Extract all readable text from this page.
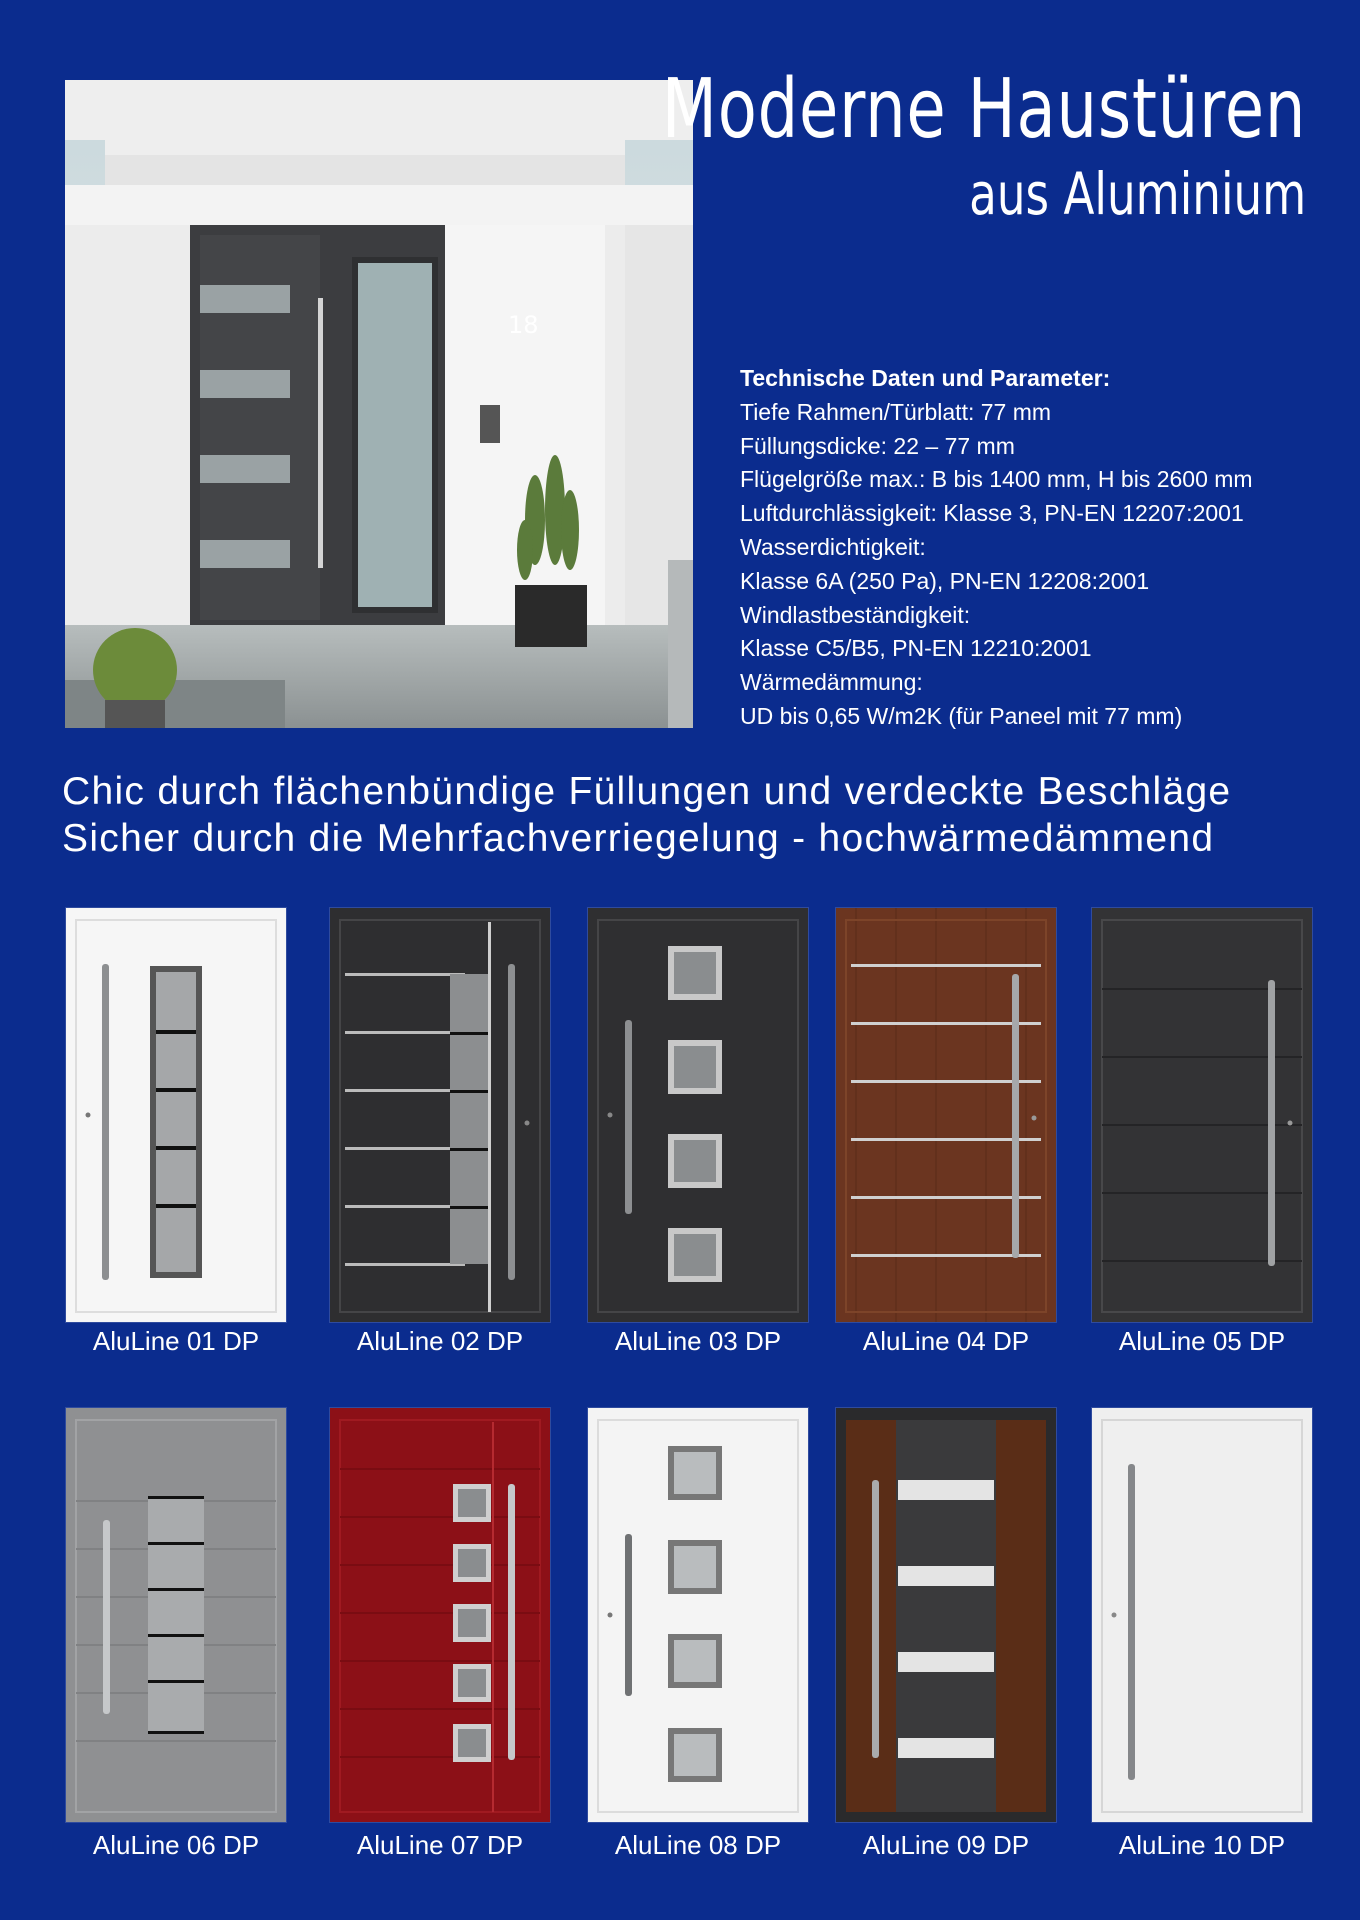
18
Moderne Haustüren
aus Aluminium
Technische Daten und Parameter:
Tiefe Rahmen/Türblatt: 77 mm
Füllungsdicke: 22 – 77 mm
Flügelgröße max.: B bis 1400 mm, H bis 2600 mm
Luftdurchlässigkeit: Klasse 3, PN-EN 12207:2001
Wasserdichtigkeit:
Klasse 6A (250 Pa), PN-EN 12208:2001
Windlastbeständigkeit:
Klasse C5/B5, PN-EN 12210:2001
Wärmedämmung:
UD bis 0,65 W/m2K (für Paneel mit 77 mm)
Chic durch flächenbündige Füllungen und verdeckte Beschläge
Sicher durch die Mehrfachverriegelung - hochwärmedämmend
AluLine 01 DP	AluLine 02 DP	AluLine 03 DP	AluLine 04 DP	AluLine 05 DP
AluLine 06 DP	AluLine 07 DP	AluLine 08 DP	AluLine 09 DP	AluLine 10 DP
